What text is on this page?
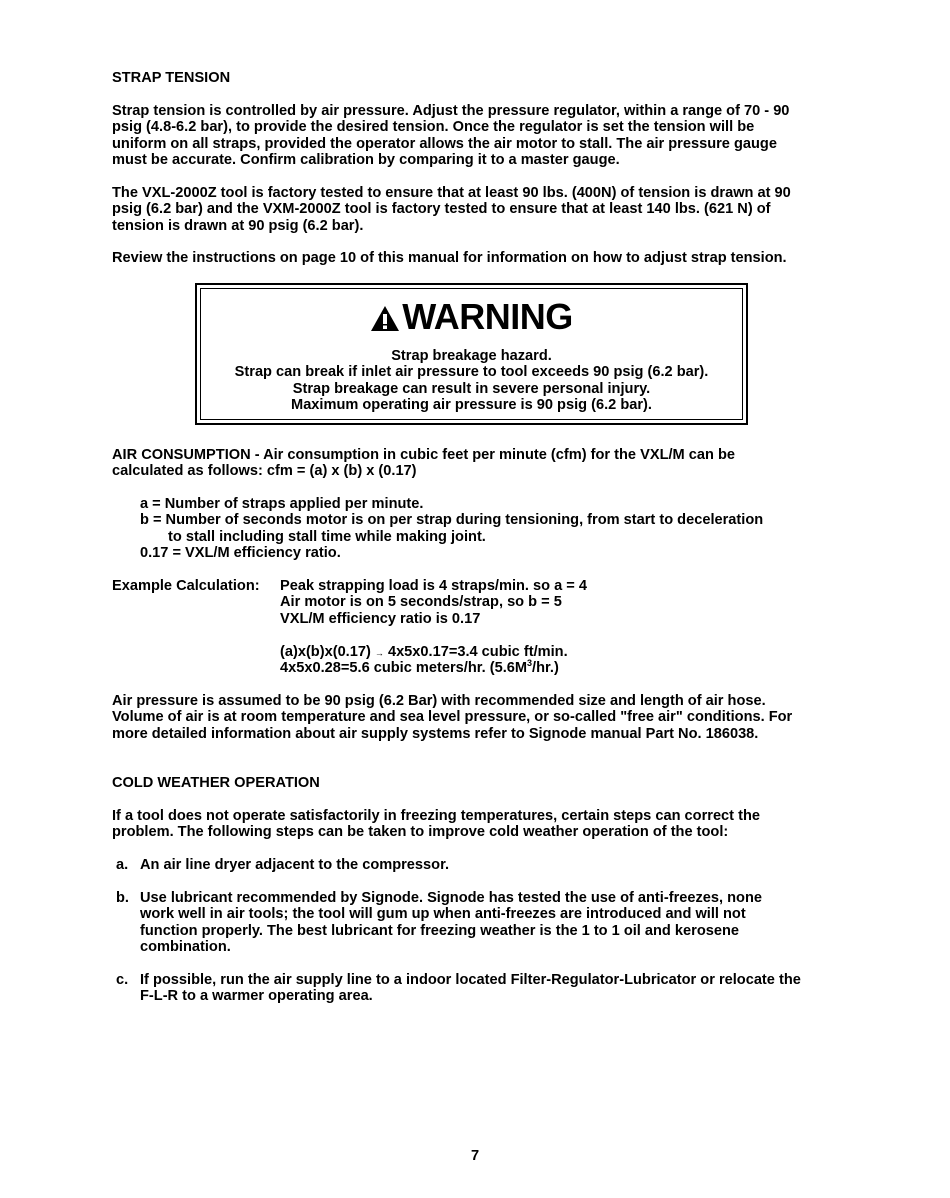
STRAP TENSION
Strap tension is controlled by air pressure. Adjust the pressure regulator, within a range of 70 - 90
psig (4.8-6.2 bar), to provide the desired tension. Once the regulator is set the tension will be
uniform on all straps, provided the operator allows the air motor to stall. The air pressure gauge
must be accurate. Confirm calibration by comparing it to a master gauge.
The VXL-2000Z tool is factory tested to ensure that at least 90 lbs. (400N) of tension is drawn at 90
psig (6.2 bar) and the VXM-2000Z tool is factory tested to ensure that at least 140 lbs. (621 N) of
tension is drawn at 90 psig (6.2 bar).
Review the instructions on page 10 of this manual for information on how to adjust strap tension.
WARNING
Strap breakage hazard.
Strap can break if inlet air pressure to tool exceeds 90 psig (6.2 bar).
Strap breakage can result in severe personal injury.
Maximum operating air pressure is 90 psig (6.2 bar).
AIR CONSUMPTION - Air consumption in cubic feet per minute (cfm) for the VXL/M can be
calculated as follows: cfm = (a) x (b) x (0.17)
a = Number of straps applied per minute.
b = Number of seconds motor is on per strap during tensioning, from start to deceleration
to stall including stall time while making joint.
0.17 = VXL/M efficiency ratio.
Example Calculation: Peak strapping load is 4 straps/min. so a = 4
Air motor is on 5 seconds/strap, so b = 5
VXL/M efficiency ratio is 0.17
(a)x(b)x(0.17) → 4x5x0.17=3.4 cubic ft/min.
4x5x0.28=5.6 cubic meters/hr. $(5.6M^3/hr.)$
Air pressure is assumed to be 90 psig (6.2 Bar) with recommended size and length of air hose.
Volume of air is at room temperature and sea level pressure, or so-called "free air" conditions. For
more detailed information about air supply systems refer to Signode manual Part No. 186038.
COLD WEATHER OPERATION
If a tool does not operate satisfactorily in freezing temperatures, certain steps can correct the
problem. The following steps can be taken to improve cold weather operation of the tool:
a. An air line dryer adjacent to the compressor.
b. Use lubricant recommended by Signode. Signode has tested the use of anti-freezes, none
work well in air tools; the tool will gum up when anti-freezes are introduced and will not
function properly. The best lubricant for freezing weather is the 1 to 1 oil and kerosene
combination.
c. If possible, run the air supply line to a indoor located Filter-Regulator-Lubricator or relocate the
F-L-R to a warmer operating area.
7
